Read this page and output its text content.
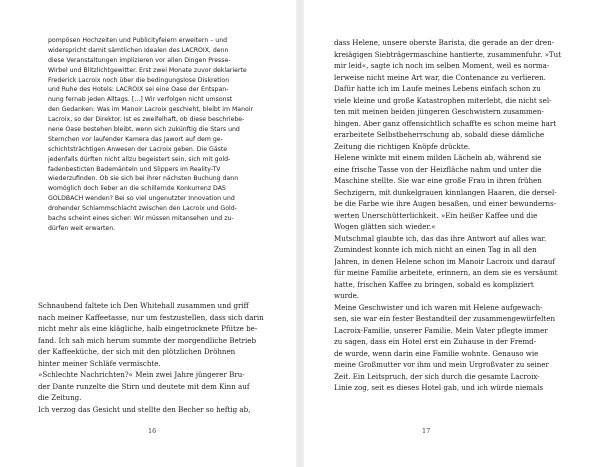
pompösen Hochzeiten und Publicityfeiern erweitern – und
widerspricht damit sämtlichen Idealen des LACROIX, denn
diese Veranstaltungen implizieren vor allen Dingen Presse-
Wirbel und Blitzlichtgewitter. Erst zwei Monate zuvor deklarierte
Frederick Lacroix noch über die bedingungslose Diskretion
und Ruhe des Hotels: LACROIX sei eine Oase der Entspan-
nung fernab jeden Alltags. […] Wir verfolgen nicht umsonst
den Gedanken: Was im Manoir Lacroix geschieht, bleibt im Manoir
Lacroix, so der Direktor. Ist es zweifelhaft, ob diese beschriebe-
nene Oase bestehen bleibt, wenn sich zukünftig die Stars und
Sternchen vor laufender Kamera das Jawort auf dem ge-
schichtsträchtigen Anwesen der Lacroix geben. Die Gäste
jedenfalls dürften nicht allzu begeistert sein, sich mit gold-
fadenbesticten Bademänteln und Slippers im Reality-TV
wiederzufinden. Ob sie sich bei ihrer nächsten Buchung dann
womöglich doch lieber an die schillernde Konkurrenz DAS
GOLDBACH wenden? Bei so viel ungenutzter Innovation und
drohender Schlammschlacht zwischen den Lacroix und Gold-
bachs scheint eines sicher: Wir müssen mitansehen und zu-
dürfen weit erwarten.
Schnaubend faltete ich Den Whitehall zusammen und griff
nach meiner Kaffeetasse, nur um festzustellen, dass sich darin
nicht mehr als eine klägliche, halb eingetrocknete Pfütze be-
fand. Ich sah mich herum summte der morgendliche Betrieb
der Kaffeeküche, der sich mit den plötzlichen Dröhnen
hinter meiner Schläfe vermischte.
»Schlechte Nachrichten?« Mein zwei Jahre jüngerer Bru-
der Dante runzelte die Stirn und deutete mit dem Kinn auf
die Zeitung.
Ich verzog das Gesicht und stellte den Becher so heftig ab,
16
dass Helene, unsere oberste Barista, die gerade an der dren-
kreiägigen Siebträgermaschine hantierte, zusammenfuhr. »Tut
mir leid«, sagte ich noch im selben Moment, weil es norma-
lerweise nicht meine Art war, die Contenance zu verlieren.
Dafür hatte ich im Laufe meines Lebens einfach schon zu
viele kleine und große Katastrophen miterlebt, die nicht sel-
ten mit meinen beiden jüngeren Geschwistern zusammen-
hingen. Aber ganz offensichtlich schaffte es schon meine hart
erarbeitete Selbstbeherrschung ab, sobald diese dämliche
Zeitung die richtigen Knöpfe drückte.
Helene winkte mit einem milden Lächeln ab, während sie
eine frische Tasse von der Heizfläche nahm und unter die
Maschine stellte. Sie war eine große Frau in ihren frühen
Sechzigern, mit dunkelgrauen kinnlangen Haaren, die dersel-
be die Farbe wie ihre Augen besaßen, und einer bewunderns-
werten Unerschütterlichkeit. »Ein heißer Kaffee und die
Wogen glätten sich wieder.«
Mutschmal glaubte ich, das das ihre Antwort auf alles war.
Zumindest konnte ich mich nicht an einen Tag in all den
Jahren, in denen Helene schon im Manoir Lacroix und darauf
für meine Familie arbeitete, erinnern, an dem sie es versäumt
hatte, frischen Kaffee zu bringen, sobald es kompliziert
wurde.
Meine Geschwister und ich waren mit Helene aufgewach-
sen, sie war ein fester Bestandteil der zusammengewürfelten
Lacroix-Familie, unserer Familie. Mein Vater pflegte immer
zu sagen, dass ein Hotel erst ein Zuhause in der Fremd-
de wurde, wenn darin eine Familie wohnte. Genauso wie
meine Großmutter vor ihm und mein Urgroßvater zu seiner
Zeit. Ein Leitspruch, der sich durch die gesamte Lacroix-
Linie zog, seit es dieses Hotel gab, und ich würde niemals
17
